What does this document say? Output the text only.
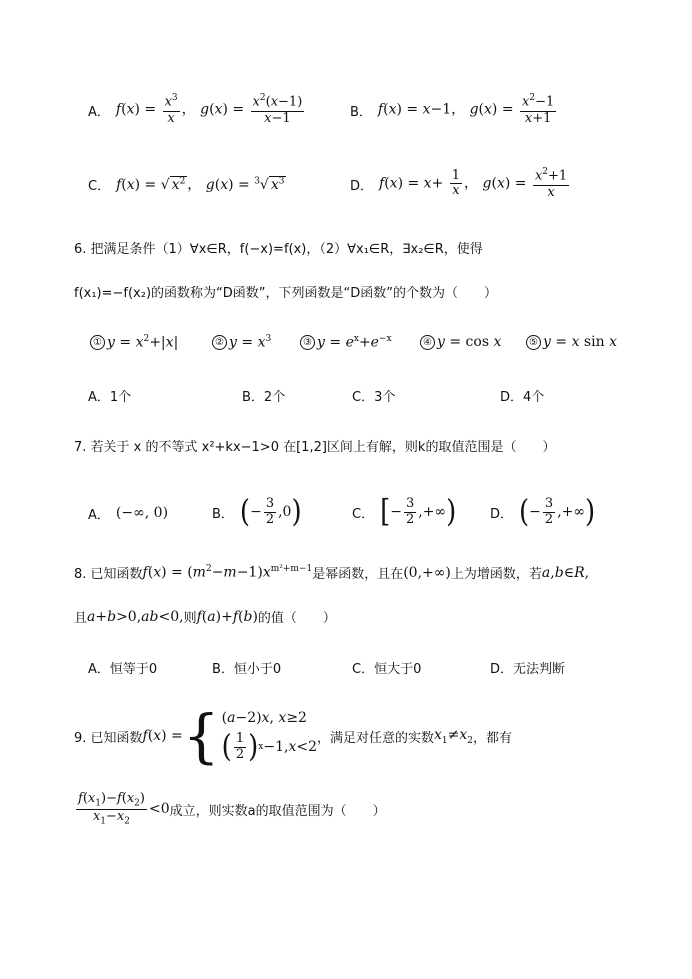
A． $f(x) = \frac{x^3}{x}$ ， $g(x) = \frac{x^2(x-1)}{x-1}$	B． f(x) = x−1， $g(x) = \frac{x^2-1}{x+1}$
C． f(x) = √ $x^2$ ， g(x) = $^3$√ $x^3$	D． $f(x) = x+ \frac{1}{x}$ ， $g(x) = \frac{x^2+1}{x}$
6. 把满足条件（1）∀x∈R，f(−x)=f(x)，（2）∀x₁∈R，∃x₂∈R，使得
f(x₁)=−f(x₂)的函数称为“D函数”，下列函数是“D函数”的个数为（　　）
① $y = x^2+|x|$	② $y = x^3$	③ $y = e^x+e^{-x}$	④ y = cos x	⑤ y = x sin x
A．1个	B．2个	C．3个	D．4个
7. 若关于 x 的不等式 x²+kx−1>0 在[1,2]区间上有解，则k的取值范围是（　　）
A． (−∞, 0)	B． ( − $\frac{3}{2} ,0$ )	C． [ − $\frac{3}{2}$ ,+∞ )	D． ( − $\frac{3}{2}$ ,+∞ )
8. 已知函数 $f(x) = (m^2-m-1)x^{m^2+m-1}$ 是幂函数，且在 (0,+∞) 上为增函数，若 a,b∈R,
且 a+b>0,ab<0, 则 f(a)+f(b) 的值（　　）
A．恒等于0	B．恒小于0	C．恒大于0	D．无法判断
9. 已知函数 f ( x ) = { (a−2)x, x≥2
( $\frac{1}{2}$ ) x −1, x <2
，满足对任意的实数 $x_1\ne x_2$ ，都有
$\frac{f(x_1)-f(x_2)}{x_1-x_2} <0$ 成立，则实数a的取值范围为（　　）
